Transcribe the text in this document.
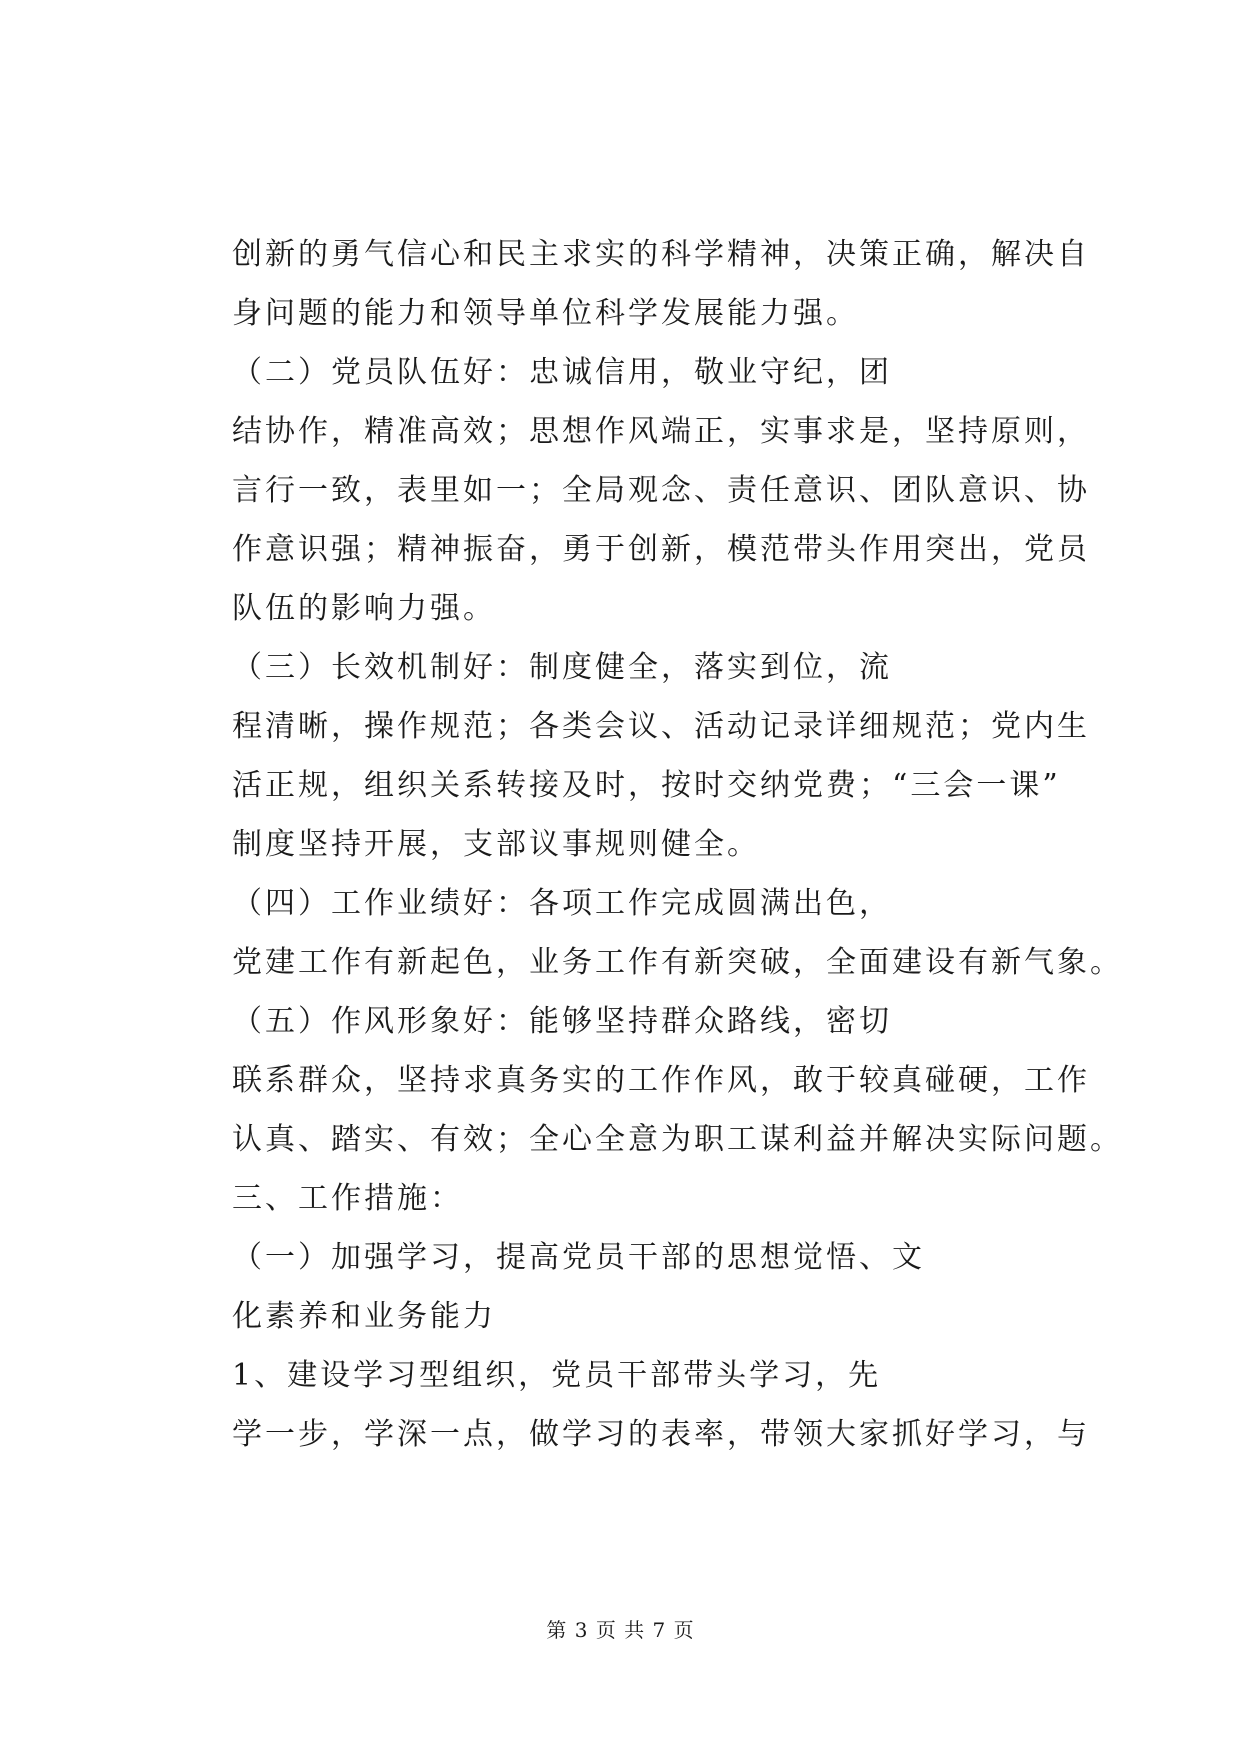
创新的勇气信心和民主求实的科学精神，决策正确，解决自
身问题的能力和领导单位科学发展能力强。
（二）党员队伍好：忠诚信用，敬业守纪，团
结协作，精准高效；思想作风端正，实事求是，坚持原则，
言行一致，表里如一；全局观念、责任意识、团队意识、协
作意识强；精神振奋，勇于创新，模范带头作用突出，党员
队伍的影响力强。
（三）长效机制好：制度健全，落实到位，流
程清晰，操作规范；各类会议、活动记录详细规范；党内生
活正规，组织关系转接及时，按时交纳党费；“三会一课”
制度坚持开展，支部议事规则健全。
（四）工作业绩好：各项工作完成圆满出色，
党建工作有新起色，业务工作有新突破，全面建设有新气象。
（五）作风形象好：能够坚持群众路线，密切
联系群众，坚持求真务实的工作作风，敢于较真碰硬，工作
认真、踏实、有效；全心全意为职工谋利益并解决实际问题。
三、工作措施：
（一）加强学习，提高党员干部的思想觉悟、文
化素养和业务能力
1、建设学习型组织，党员干部带头学习，先
学一步，学深一点，做学习的表率，带领大家抓好学习，与
第 3 页 共 7 页
